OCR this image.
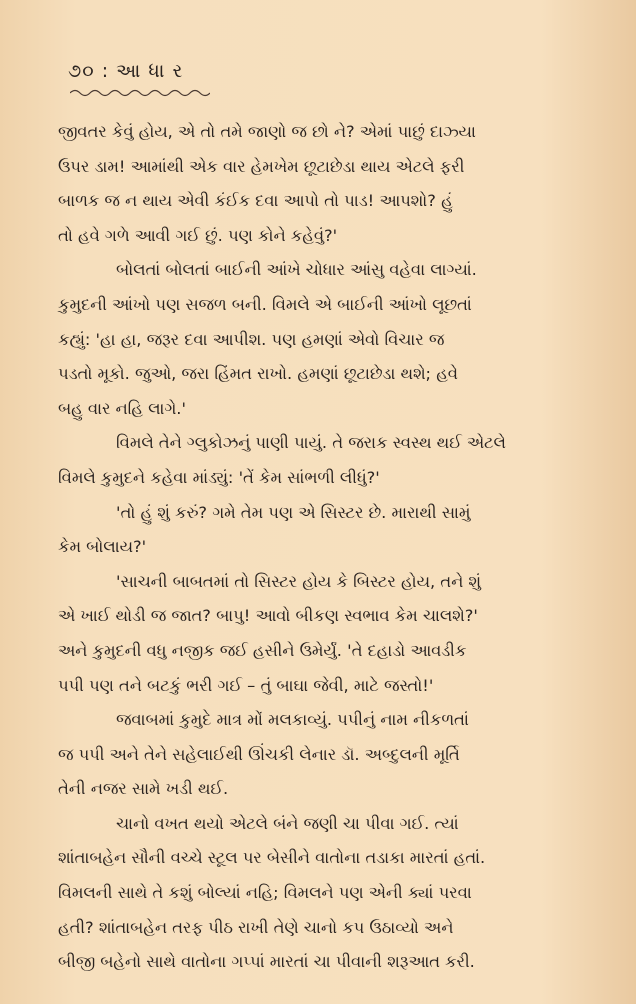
૭૦ : આ ધા ર
જીવતર કેવું હોય, એ તો તમે જાણો જ છો ને? એમાં પાછું દાઝ્યા
ઉપર ડામ! આમાંથી એક વાર હેમખેમ છૂટાછેડા થાય એટલે ફરી
બાળક જ ન થાય એવી કંઈક દવા આપો તો પાડ! આપશો? હું
તો હવે ગળે આવી ગઈ છું. પણ કોને કહેવું?'
બોલતાં બોલતાં બાઈની આંખે ચોધાર આંસુ વહેવા લાગ્યાં.
કુમુદની આંખો પણ સજળ બની. વિમલે એ બાઈની આંખો લૂછતાં
કહ્યું: 'હા હા, જરૂર દવા આપીશ. પણ હમણાં એવો વિચાર જ
પડતો મૂકો. જુઓ, જરા હિંમત રાખો. હમણાં છૂટાછેડા થશે; હવે
બહુ વાર નહિ લાગે.'
વિમલે તેને ગ્લુકોઝનું પાણી પાયું. તે જરાક સ્વસ્થ થઈ એટલે
વિમલે કુમુદને કહેવા માંડ્યું: 'તેં કેમ સાંભળી લીધું?'
'તો હું શું કરું? ગમે તેમ પણ એ સિસ્ટર છે. મારાથી સામું
કેમ બોલાય?'
'સાચની બાબતમાં તો સિસ્ટર હોય કે બિસ્ટર હોય, તને શું
એ ખાઈ થોડી જ જાત? બાપુ! આવો બીકણ સ્વભાવ કેમ ચાલશે?'
અને કુમુદની વધુ નજીક જઈ હસીને ઉમેર્યું. 'તે દહાડો આવડીક
પપી પણ તને બટકું ભરી ગઈ – તું બાઘા જેવી, માટે જસ્તો!'
જવાબમાં કુમુદે માત્ર મોં મલકાવ્યું. પપીનું નામ નીકળતાં
જ પપી અને તેને સહેલાઈથી ઊંચકી લેનાર ડૉ. અબ્દુલની મૂર્તિ
તેની નજર સામે ખડી થઈ.
ચાનો વખત થયો એટલે બંને જણી ચા પીવા ગઈ. ત્યાં
શાંતાબહેન સૌની વચ્ચે સ્ટૂલ પર બેસીને વાતોના તડાકા મારતાં હતાં.
વિમલની સાથે તે કશું બોલ્યાં નહિ; વિમલને પણ એની ક્યાં પરવા
હતી? શાંતાબહેન તરફ પીઠ રાખી તેણે ચાનો કપ ઉઠાવ્યો અને
બીજી બહેનો સાથે વાતોના ગપ્પાં મારતાં ચા પીવાની શરૂઆત કરી.
